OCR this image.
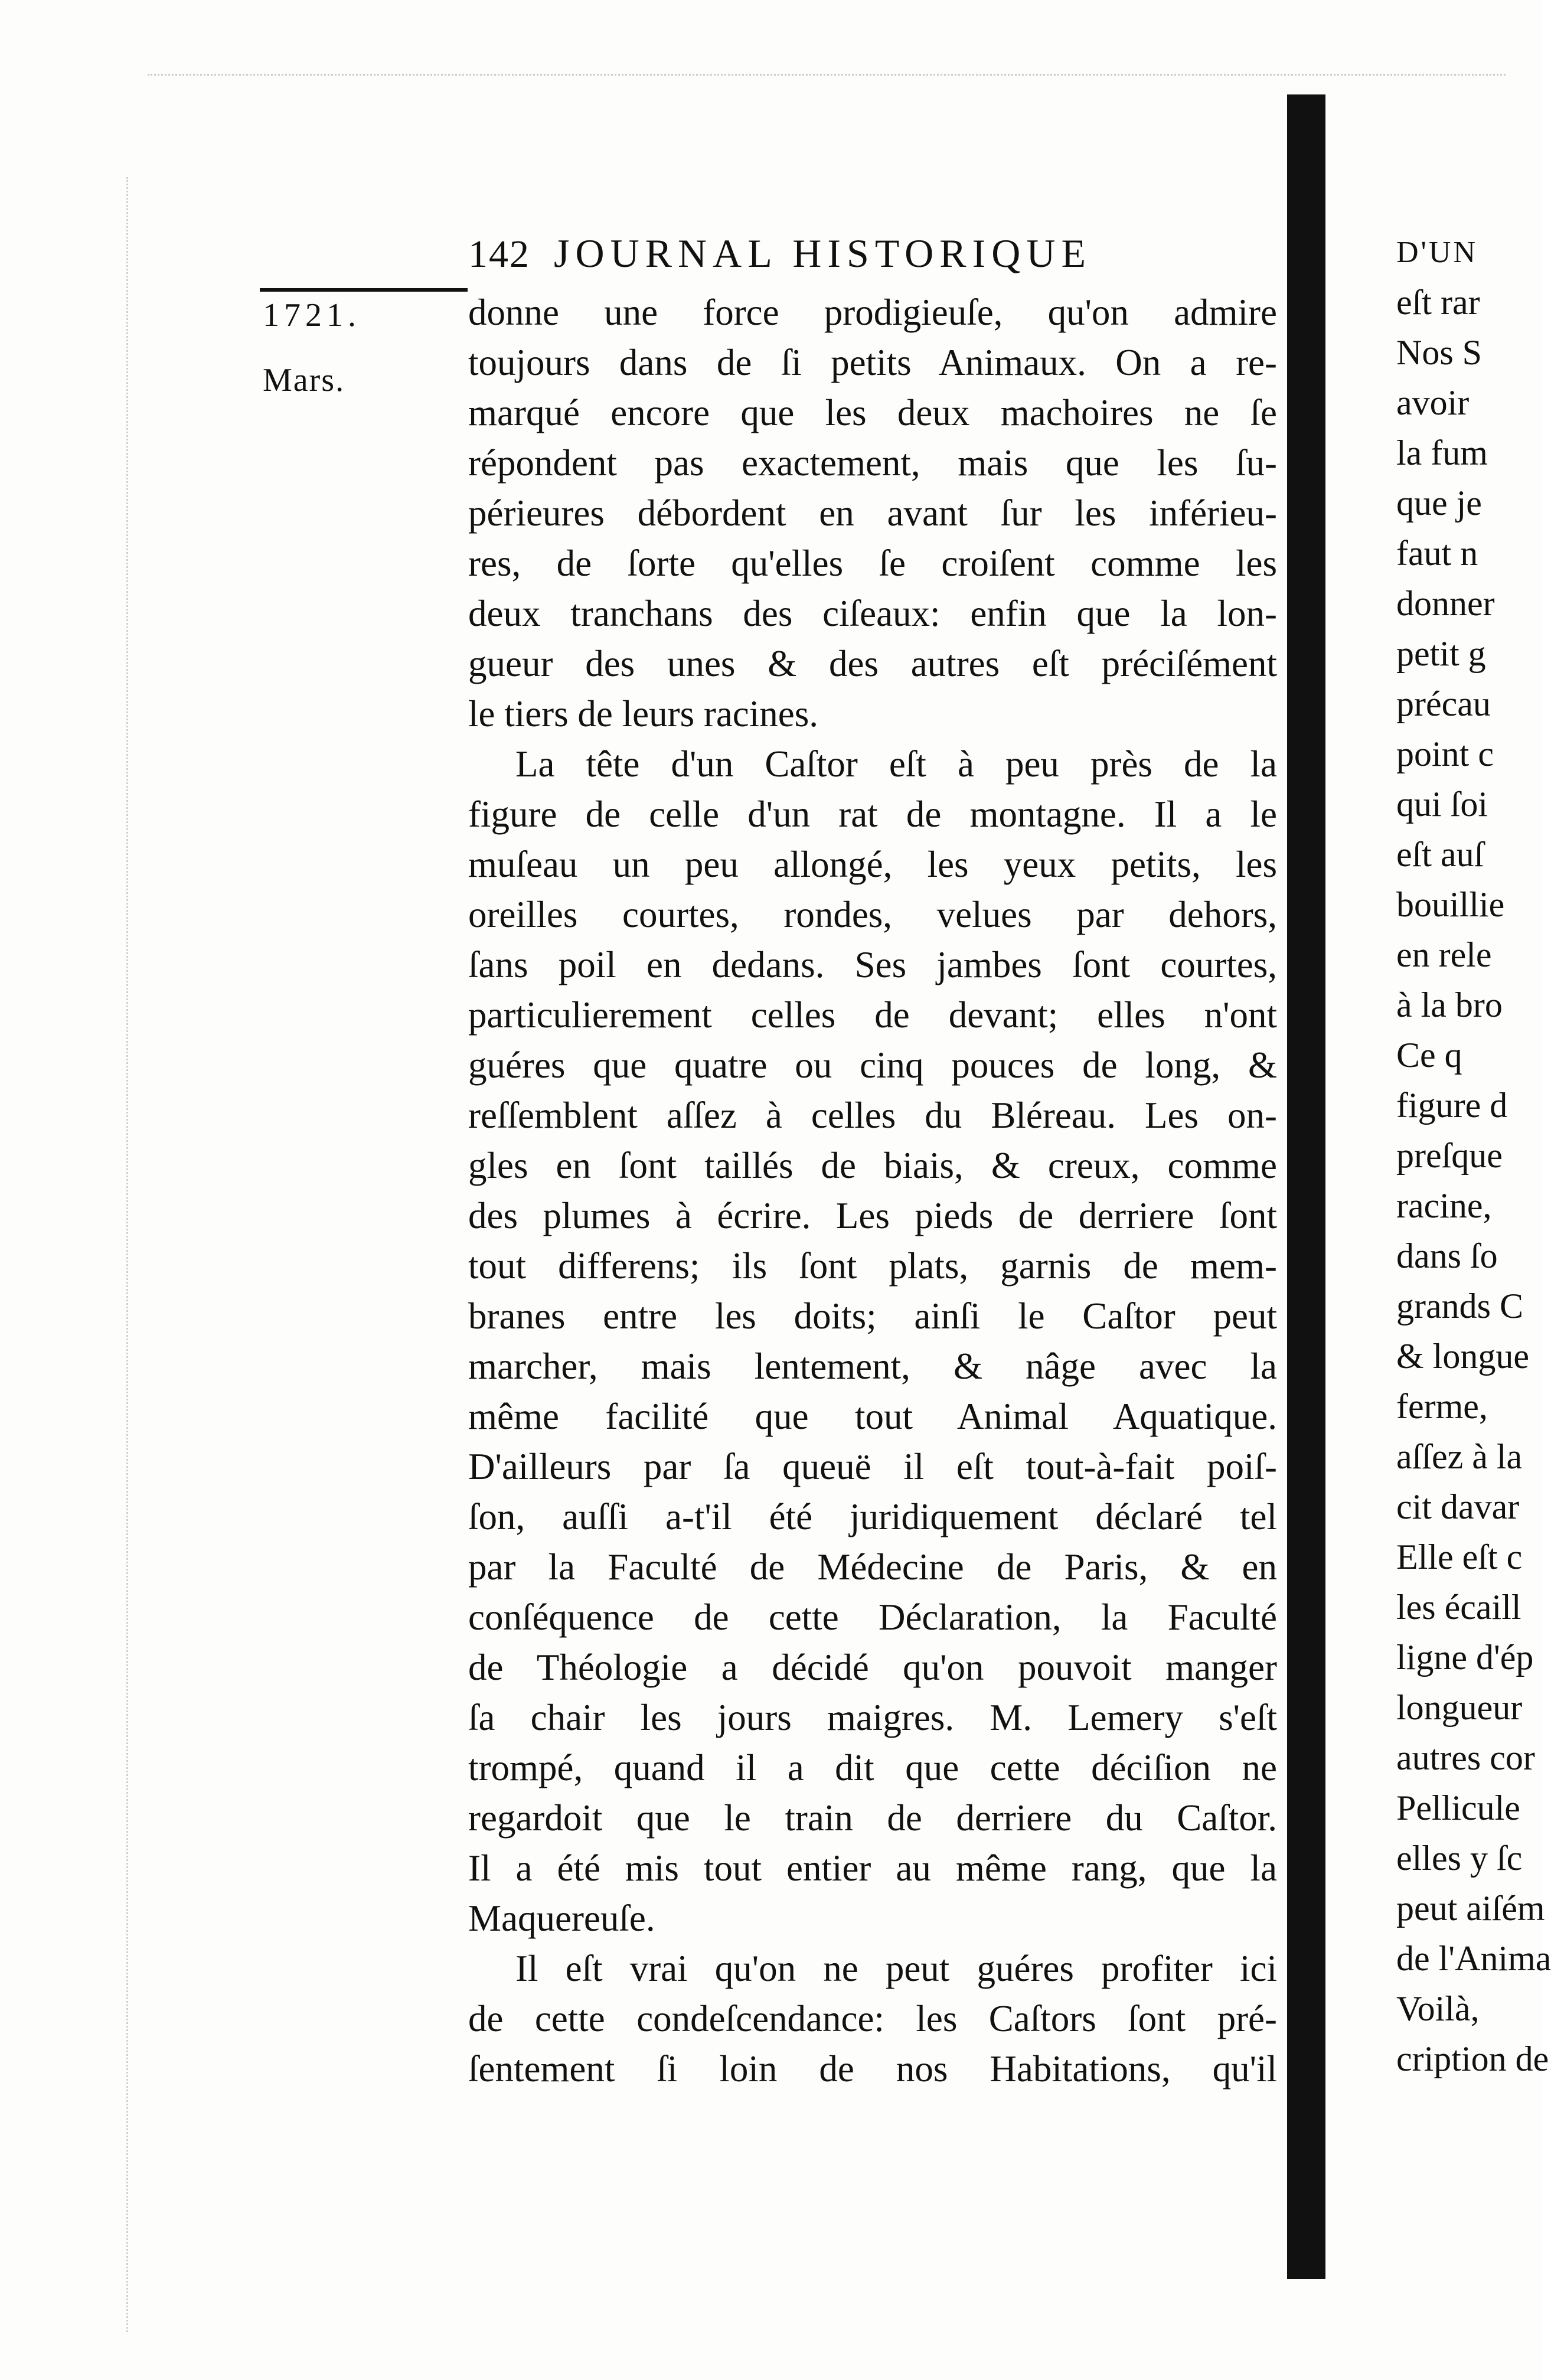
142 JOURNAL HISTORIQUE
1721.
Mars.
donne une force prodigieuſe, qu'on admire
toujours dans de ſi petits Animaux. On a re-
marqué encore que les deux machoires ne ſe
répondent pas exactement, mais que les ſu-
périeures débordent en avant ſur les inférieu-
res, de ſorte qu'elles ſe croiſent comme les
deux tranchans des ciſeaux: enfin que la lon-
gueur des unes & des autres eſt préciſément
le tiers de leurs racines.
La tête d'un Caſtor eſt à peu près de la
figure de celle d'un rat de montagne. Il a le
muſeau un peu allongé, les yeux petits, les
oreilles courtes, rondes, velues par dehors,
ſans poil en dedans. Ses jambes ſont courtes,
particulierement celles de devant; elles n'ont
guéres que quatre ou cinq pouces de long, &
reſſemblent aſſez à celles du Bléreau. Les on-
gles en ſont taillés de biais, & creux, comme
des plumes à écrire. Les pieds de derriere ſont
tout differens; ils ſont plats, garnis de mem-
branes entre les doits; ainſi le Caſtor peut
marcher, mais lentement, & nâge avec la
même facilité que tout Animal Aquatique.
D'ailleurs par ſa queuë il eſt tout-à-fait poiſ-
ſon, auſſi a-t'il été juridiquement déclaré tel
par la Faculté de Médecine de Paris, & en
conſéquence de cette Déclaration, la Faculté
de Théologie a décidé qu'on pouvoit manger
ſa chair les jours maigres. M. Lemery s'eſt
trompé, quand il a dit que cette déciſion ne
regardoit que le train de derriere du Caſtor.
Il a été mis tout entier au même rang, que la
Maquereuſe.
Il eſt vrai qu'on ne peut guéres profiter ici
de cette condeſcendance: les Caſtors ſont pré-
ſentement ſi loin de nos Habitations, qu'il
D'UN
eſt rar
Nos S
avoir
la fum
que je
faut n
donner
petit g
précau
point c
qui ſoi
eſt auſ
bouillie
en rele
à la bro
Ce q
figure d
preſque
racine,
dans ſo
grands C
& longue
ferme,
aſſez à la
cit davar
Elle eſt c
les écaill
ligne d'ép
longueur
autres cor
Pellicule
elles y ſc
peut aiſém
de l'Anima
Voilà,
cription de
